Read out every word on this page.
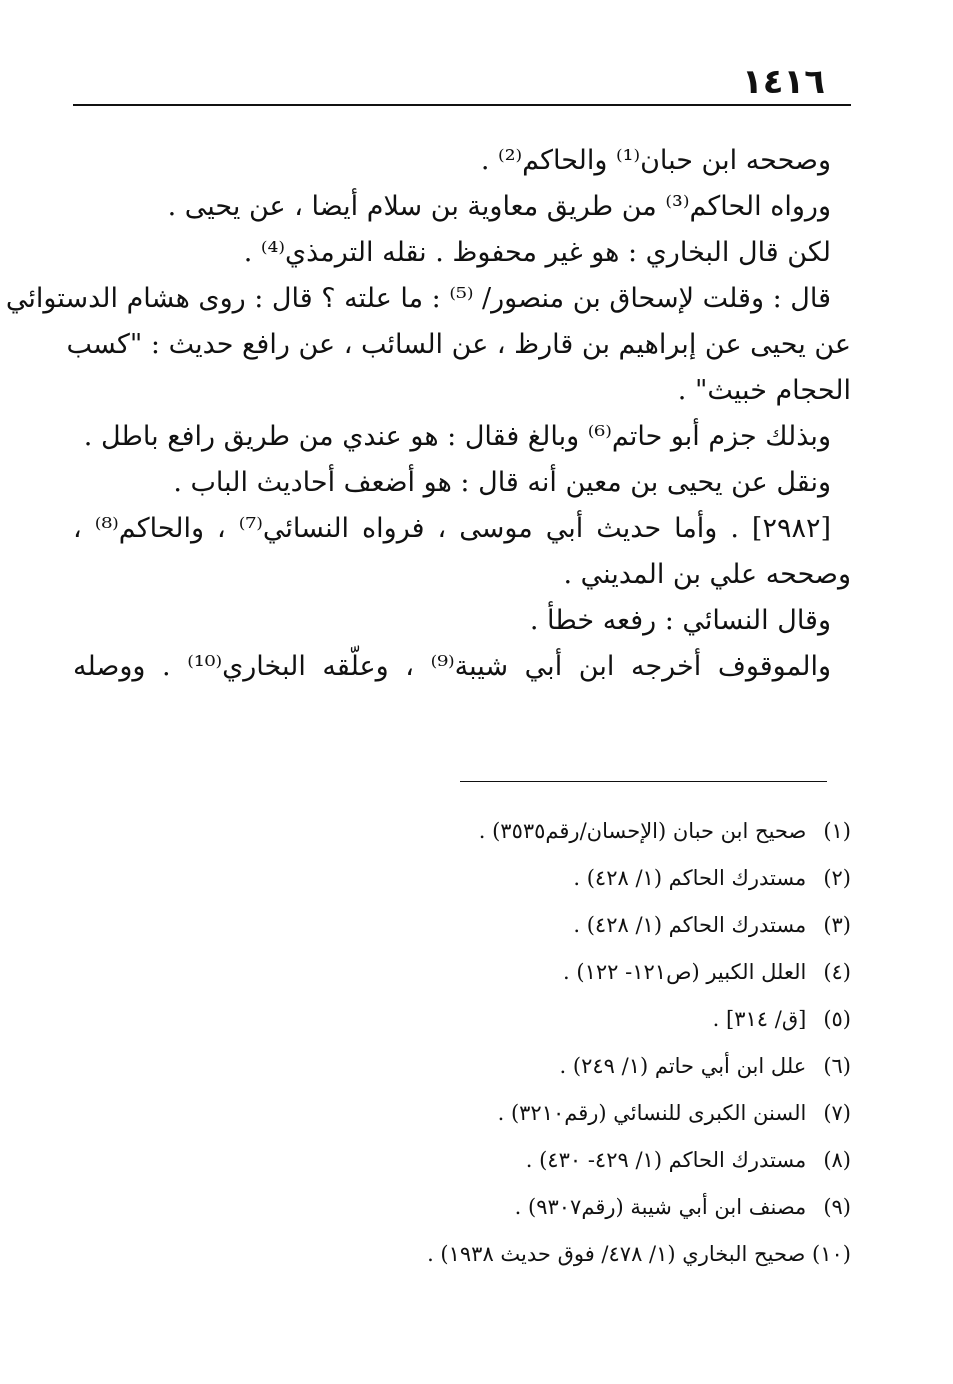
١٤١٦
وصححه ابن حبان⁽¹⁾ والحاكم⁽²⁾ .
ورواه الحاكم⁽³⁾ من طريق معاوية بن سلام أيضا ، عن يحيى .
لكن قال البخاري : هو غير محفوظ . نقله الترمذي⁽⁴⁾ .
قال : وقلت لإسحاق بن منصور/ ⁽⁵⁾ : ما علته ؟ قال : روى هشام الدستوائي
عن يحيى عن إبراهيم بن قارظ ، عن السائب ، عن رافع حديث : "كسب
الحجام خبيث" .
وبذلك جزم أبو حاتم⁽⁶⁾ وبالغ فقال : هو عندي من طريق رافع باطل .
ونقل عن يحيى بن معين أنه قال : هو أضعف أحاديث الباب .
[٢٩٨٢] . وأما حديث أبي موسى ، فرواه النسائي⁽⁷⁾ ، والحاكم⁽⁸⁾ ،
وصححه علي بن المديني .
وقال النسائي : رفعه خطأ .
والموقوف أخرجه ابن أبي شيبة⁽⁹⁾ ، وعلّقه البخاري⁽¹⁰⁾ . ووصله
(١) صحيح ابن حبان (الإحسان/رقم٣٥٣٥) .
(٢) مستدرك الحاكم (١/ ٤٢٨) .
(٣) مستدرك الحاكم (١/ ٤٢٨) .
(٤) العلل الكبير (ص١٢١- ١٢٢) .
(٥) [ق/ ٣١٤] .
(٦) علل ابن أبي حاتم (١/ ٢٤٩) .
(٧) السنن الكبرى للنسائي (رقم٣٢١٠) .
(٨) مستدرك الحاكم (١/ ٤٢٩- ٤٣٠) .
(٩) مصنف ابن أبي شيبة (رقم٩٣٠٧) .
(١٠) صحيح البخاري (١/ ٤٧٨/ فوق حديث ١٩٣٨) .
